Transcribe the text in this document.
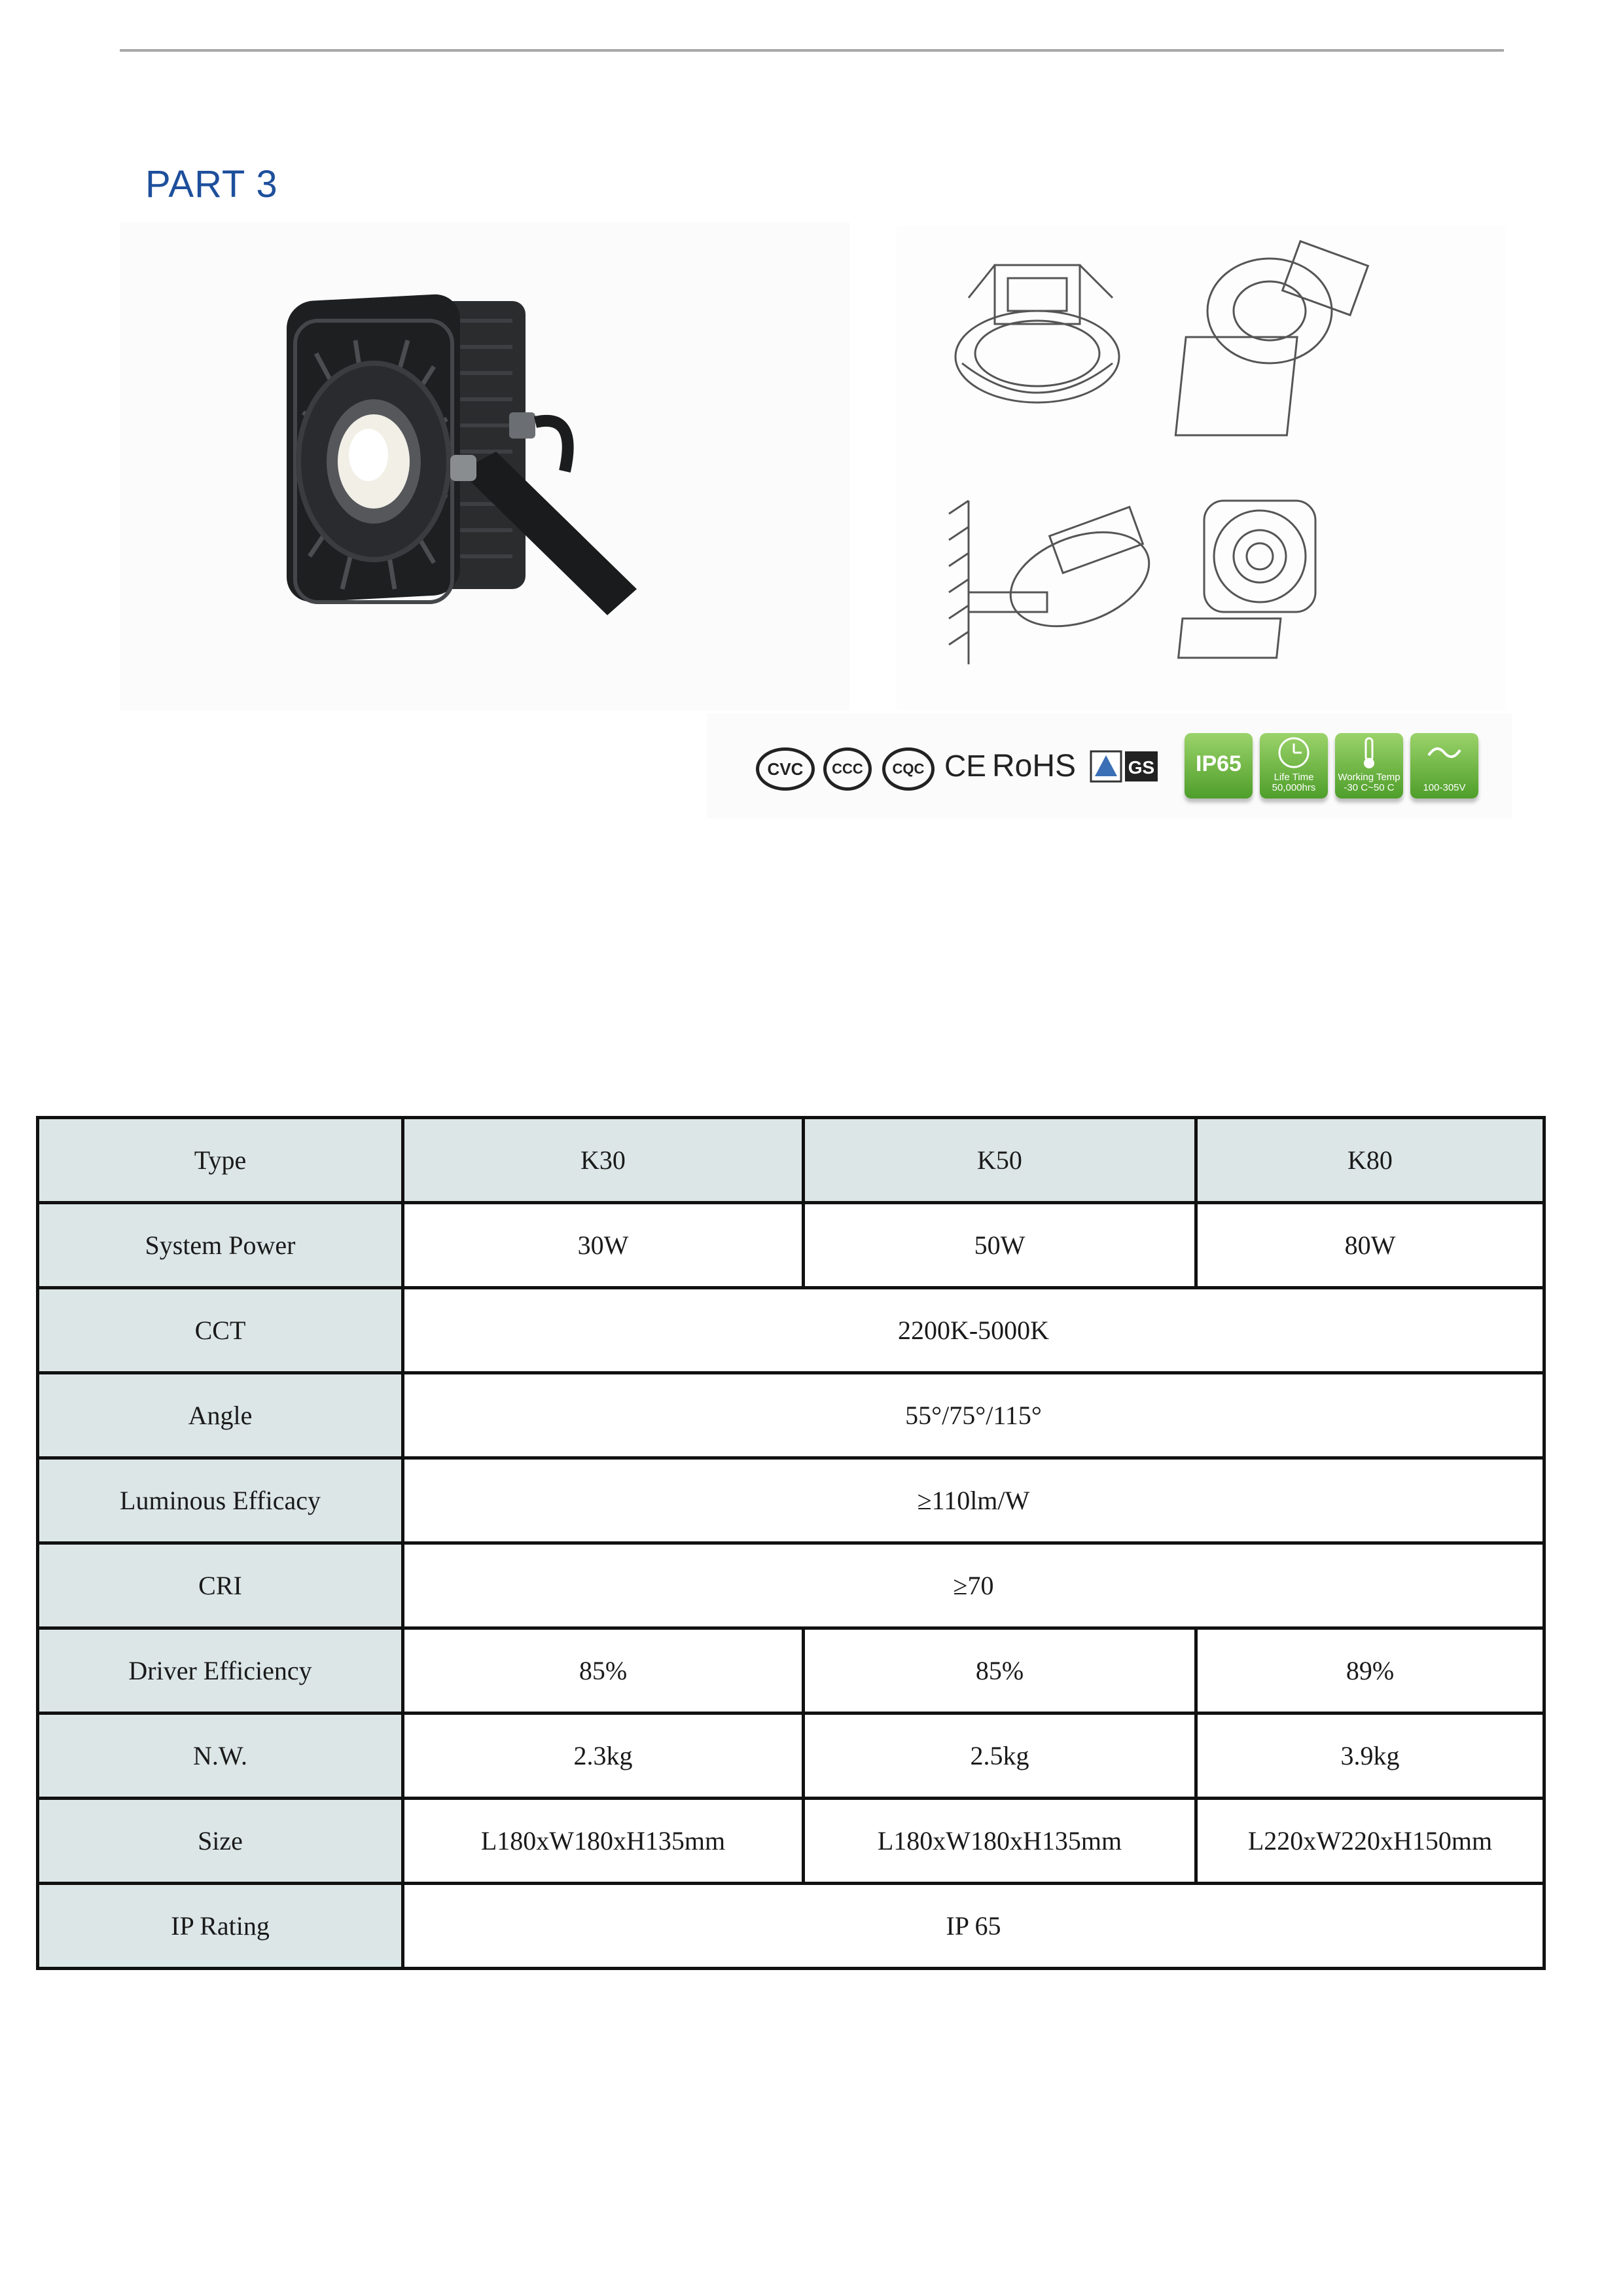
PART 3
CVC	CCC	CQC CE RoHS	GS	IP65
Life Time
50,000hrs
Working Temp
-30 C~50 C	100-305V
Type	K30	K50	K80
System Power	30W	50W	80W
CCT	2200K-5000K		
Angle	55°/75°/115°		
Luminous Efficacy	≥110lm/W		
CRI	≥70		
Driver Efficiency	85%	85%	89%
N.W.	2.3kg	2.5kg	3.9kg
Size	L180xW180xH135mm	L180xW180xH135mm	L220xW220xH150mm
IP Rating	IP 65		
